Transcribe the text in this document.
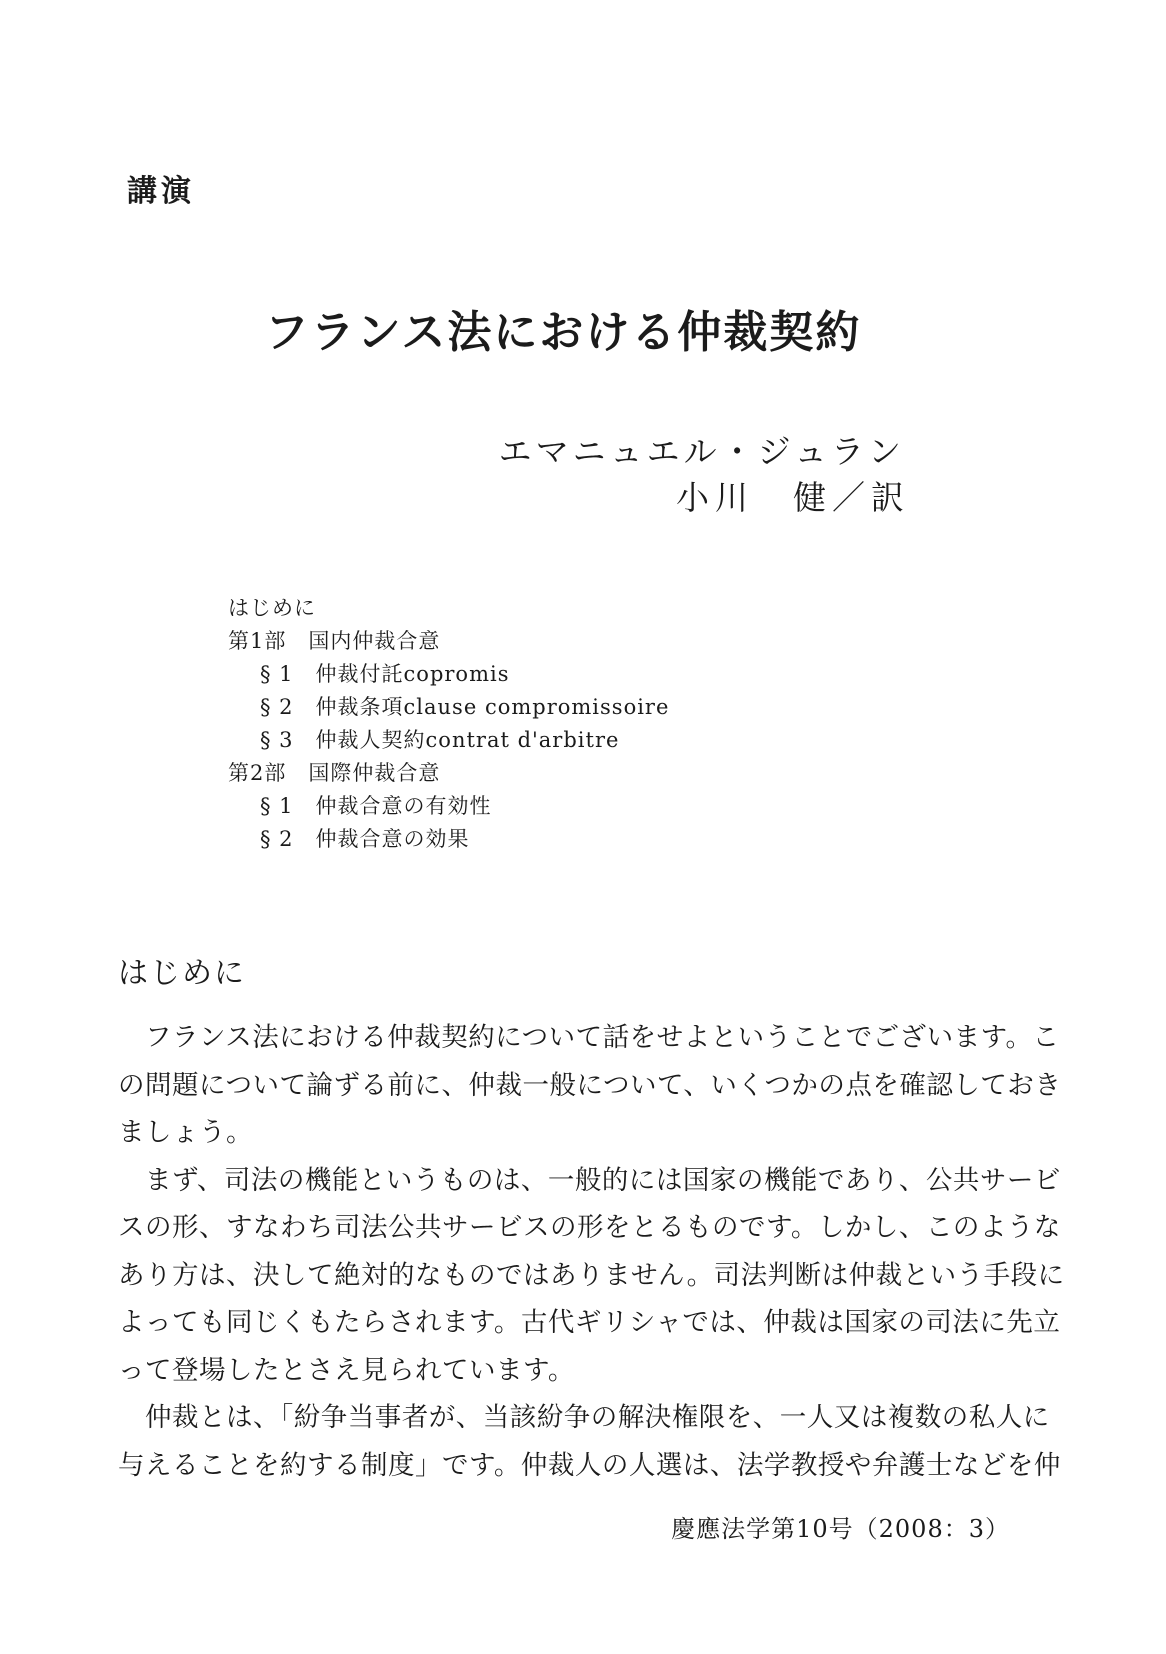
講演
フランス法における仲裁契約
エマニュエル・ジュラン
小川　健／訳
はじめに
第1部　国内仲裁合意
§ 1　仲裁付託copromis
§ 2　仲裁条項clause compromissoire
§ 3　仲裁人契約contrat d'arbitre
第2部　国際仲裁合意
§ 1　仲裁合意の有効性
§ 2　仲裁合意の効果
はじめに
　フランス法における仲裁契約について話をせよということでございます。こ
の問題について論ずる前に、仲裁一般について、いくつかの点を確認しておき
ましょう。
　まず、司法の機能というものは、一般的には国家の機能であり、公共サービ
スの形、すなわち司法公共サービスの形をとるものです。しかし、このような
あり方は、決して絶対的なものではありません。司法判断は仲裁という手段に
よっても同じくもたらされます。古代ギリシャでは、仲裁は国家の司法に先立
って登場したとさえ見られています。
　仲裁とは、「紛争当事者が、当該紛争の解決権限を、一人又は複数の私人に
与えることを約する制度」です。仲裁人の人選は、法学教授や弁護士などを仲
慶應法学第10号（2008：3）
